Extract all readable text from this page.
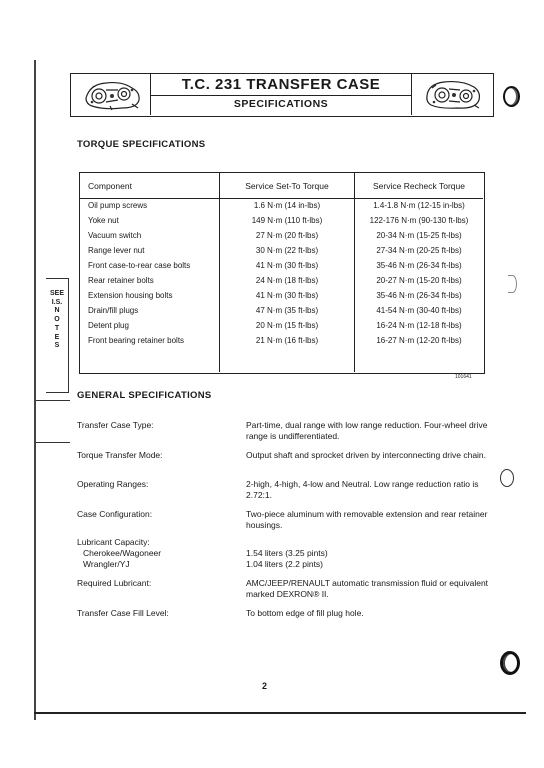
T.C. 231 TRANSFER CASE
SPECIFICATIONS
TORQUE SPECIFICATIONS
Component	Service Set-To Torque	Service Recheck Torque
Oil pump screws	1.6 N·m (14 in-lbs)	1.4-1.8 N·m (12-15 in-lbs)
Yoke nut	149 N·m (110 ft-lbs)	122-176 N·m (90-130 ft-lbs)
Vacuum switch	27 N·m (20 ft-lbs)	20-34 N·m (15-25 ft-lbs)
Range lever nut	30 N·m (22 ft-lbs)	27-34 N·m (20-25 ft-lbs)
Front case-to-rear case bolts	41 N·m (30 ft-lbs)	35-46 N·m (26-34 ft-lbs)
Rear retainer bolts	24 N·m (18 ft-lbs)	20-27 N·m (15-20 ft-lbs)
Extension housing bolts	41 N·m (30 ft-lbs)	35-46 N·m (26-34 ft-lbs)
Drain/fill plugs	47 N·m (35 ft-lbs)	41-54 N·m (30-40 ft-lbs)
Detent plug	20 N·m (15 ft-lbs)	16-24 N·m (12-18 ft-lbs)
Front bearing retainer bolts	21 N·m (16 ft-lbs)	16-27 N·m (12-20 ft-lbs)
101641
SEE
I.S.
N
O
T
E
S
GENERAL SPECIFICATIONS
Transfer Case Type:	Part-time, dual range with low range reduction. Four-wheel drive range is undifferentiated.
Torque Transfer Mode:	Output shaft and sprocket driven by interconnecting drive chain.
Operating Ranges:	2-high, 4-high, 4-low and Neutral. Low range reduction ratio is 2.72:1.
Case Configuration:	Two-piece aluminum with removable extension and rear retainer housings.
Lubricant Capacity:
Cherokee/Wagoneer	1.54 liters (3.25 pints)
Wrangler/YJ	1.04 liters (2.2 pints)
Required Lubricant:	AMC/JEEP/RENAULT automatic transmission fluid or equivalent marked DEXRON® II.
Transfer Case Fill Level:	To bottom edge of fill plug hole.
2
